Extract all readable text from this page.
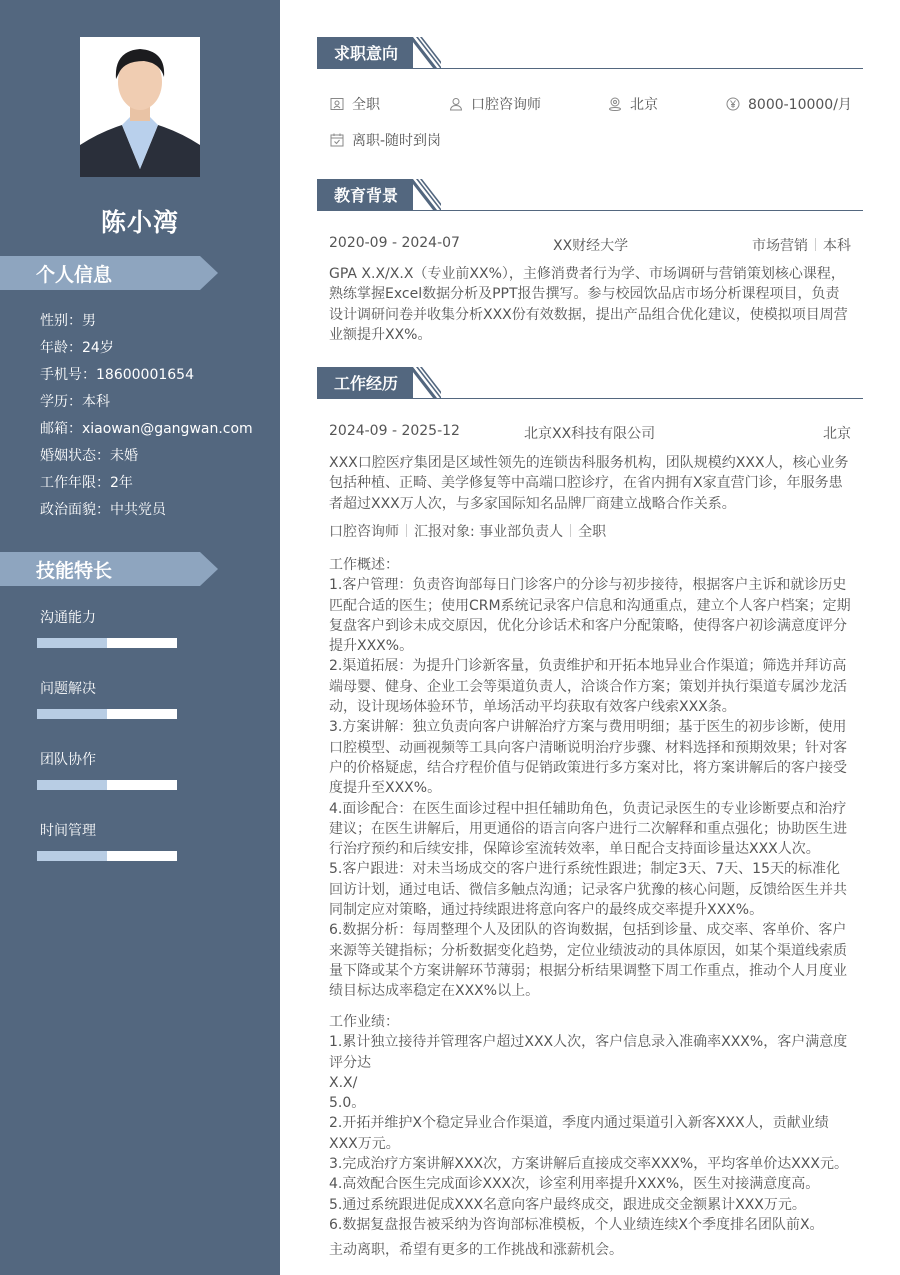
陈小湾
个人信息
性别：男
年龄：24岁
手机号：18600001654
学历：本科
邮箱：xiaowan@gangwan.com
婚姻状态：未婚
工作年限：2年
政治面貌：中共党员
技能特长
沟通能力
问题解决
团队协作
时间管理
求职意向
全职	口腔咨询师	北京	8000-10000/月
离职-随时到岗
教育背景
2020-09 - 2024-07	XX财经大学	市场营销 本科
GPA X.X/X.X（专业前XX%），主修消费者行为学、市场调研与营销策划核心课程，熟练掌握Excel数据分析及PPT报告撰写。参与校园饮品店市场分析课程项目，负责设计调研问卷并收集分析XXX份有效数据，提出产品组合优化建议，使模拟项目周营业额提升XX%。
工作经历
2024-09 - 2025-12	北京XX科技有限公司	北京
XXX口腔医疗集团是区域性领先的连锁齿科服务机构，团队规模约XXX人，核心业务包括种植、正畸、美学修复等中高端口腔诊疗，在省内拥有X家直营门诊，年服务患者超过XXX万人次，与多家国际知名品牌厂商建立战略合作关系。
口腔咨询师 汇报对象: 事业部负责人 全职
工作概述：
1.客户管理：负责咨询部每日门诊客户的分诊与初步接待，根据客户主诉和就诊历史匹配合适的医生；使用CRM系统记录客户信息和沟通重点，建立个人客户档案；定期复盘客户到诊未成交原因，优化分诊话术和客户分配策略，使得客户初诊满意度评分提升XXX%。
2.渠道拓展：为提升门诊新客量，负责维护和开拓本地异业合作渠道；筛选并拜访高端母婴、健身、企业工会等渠道负责人，洽谈合作方案；策划并执行渠道专属沙龙活动，设计现场体验环节，单场活动平均获取有效客户线索XXX条。
3.方案讲解：独立负责向客户讲解治疗方案与费用明细；基于医生的初步诊断，使用口腔模型、动画视频等工具向客户清晰说明治疗步骤、材料选择和预期效果；针对客户的价格疑虑，结合疗程价值与促销政策进行多方案对比，将方案讲解后的客户接受度提升至XXX%。
4.面诊配合：在医生面诊过程中担任辅助角色，负责记录医生的专业诊断要点和治疗建议；在医生讲解后，用更通俗的语言向客户进行二次解释和重点强化；协助医生进行治疗预约和后续安排，保障诊室流转效率，单日配合支持面诊量达XXX人次。
5.客户跟进：对未当场成交的客户进行系统性跟进；制定3天、7天、15天的标准化回访计划，通过电话、微信多触点沟通；记录客户犹豫的核心问题，反馈给医生并共同制定应对策略，通过持续跟进将意向客户的最终成交率提升XXX%。
6.数据分析：每周整理个人及团队的咨询数据，包括到诊量、成交率、客单价、客户来源等关键指标；分析数据变化趋势，定位业绩波动的具体原因，如某个渠道线索质量下降或某个方案讲解环节薄弱；根据分析结果调整下周工作重点，推动个人月度业绩目标达成率稳定在XXX%以上。
工作业绩：
1.累计独立接待并管理客户超过XXX人次，客户信息录入准确率XXX%，客户满意度评分达
X.X/
5.0。
2.开拓并维护X个稳定异业合作渠道，季度内通过渠道引入新客XXX人，贡献业绩XXX万元。
3.完成治疗方案讲解XXX次，方案讲解后直接成交率XXX%，平均客单价达XXX元。
4.高效配合医生完成面诊XXX次，诊室利用率提升XXX%，医生对接满意度高。
5.通过系统跟进促成XXX名意向客户最终成交，跟进成交金额累计XXX万元。
6.数据复盘报告被采纳为咨询部标准模板，个人业绩连续X个季度排名团队前X。
主动离职，希望有更多的工作挑战和涨薪机会。
